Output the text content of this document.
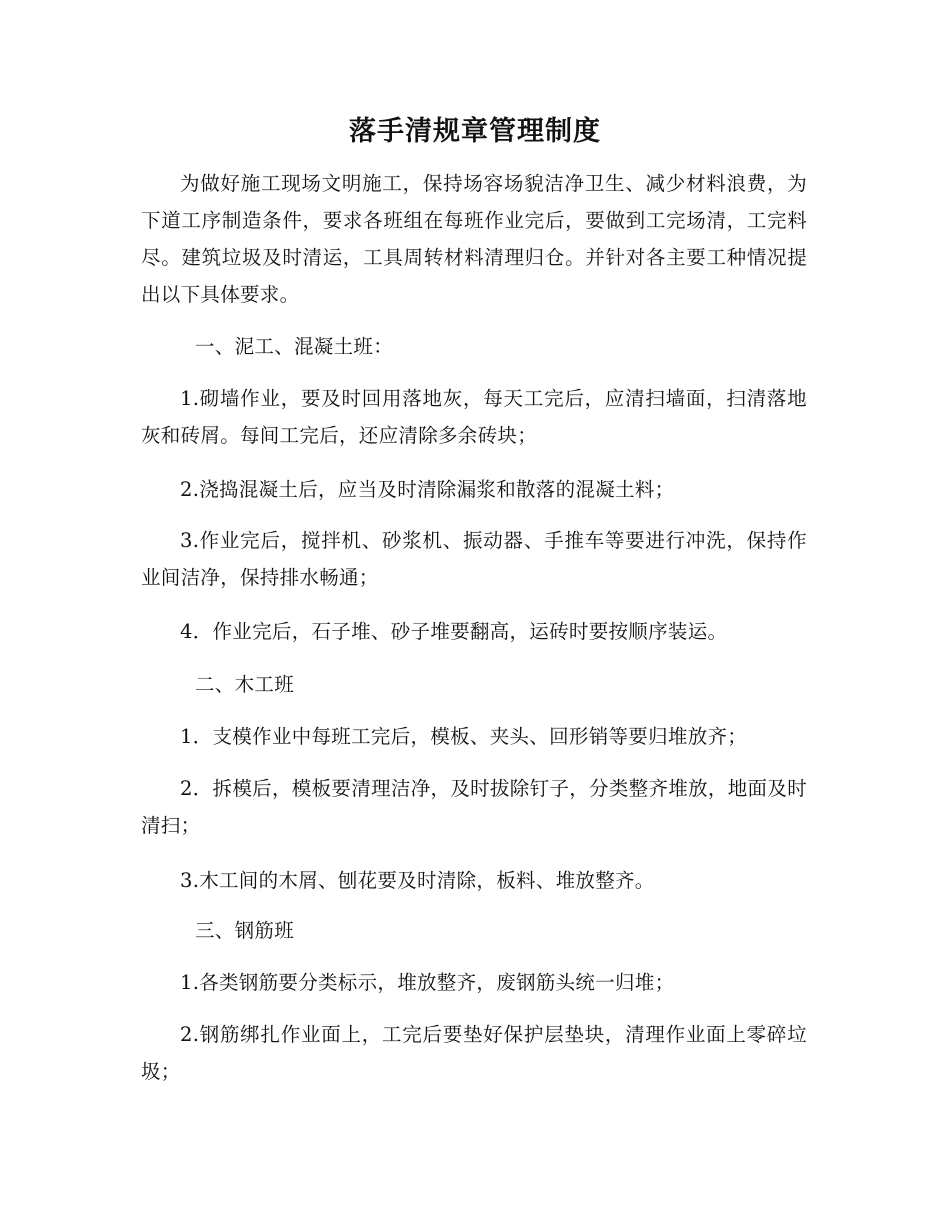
落手清规章管理制度
为做好施工现场文明施工，保持场容场貌洁净卫生、减少材料浪费，为下道工序制造条件，要求各班组在每班作业完后，要做到工完场清，工完料尽。建筑垃圾及时清运，工具周转材料清理归仓。并针对各主要工种情况提出以下具体要求。
一、泥工、混凝土班：
1.砌墙作业，要及时回用落地灰，每天工完后，应清扫墙面，扫清落地灰和砖屑。每间工完后，还应清除多余砖块；
2.浇捣混凝土后，应当及时清除漏浆和散落的混凝土料；
3.作业完后，搅拌机、砂浆机、振动器、手推车等要进行冲洗，保持作业间洁净，保持排水畅通；
4．作业完后，石子堆、砂子堆要翻高，运砖时要按顺序装运。
二、木工班
1．支模作业中每班工完后，模板、夹头、回形销等要归堆放齐；
2．拆模后，模板要清理洁净，及时拔除钉子，分类整齐堆放，地面及时清扫；
3.木工间的木屑、刨花要及时清除，板料、堆放整齐。
三、钢筋班
1.各类钢筋要分类标示，堆放整齐，废钢筋头统一归堆；
2.钢筋绑扎作业面上，工完后要垫好保护层垫块，清理作业面上零碎垃圾；
